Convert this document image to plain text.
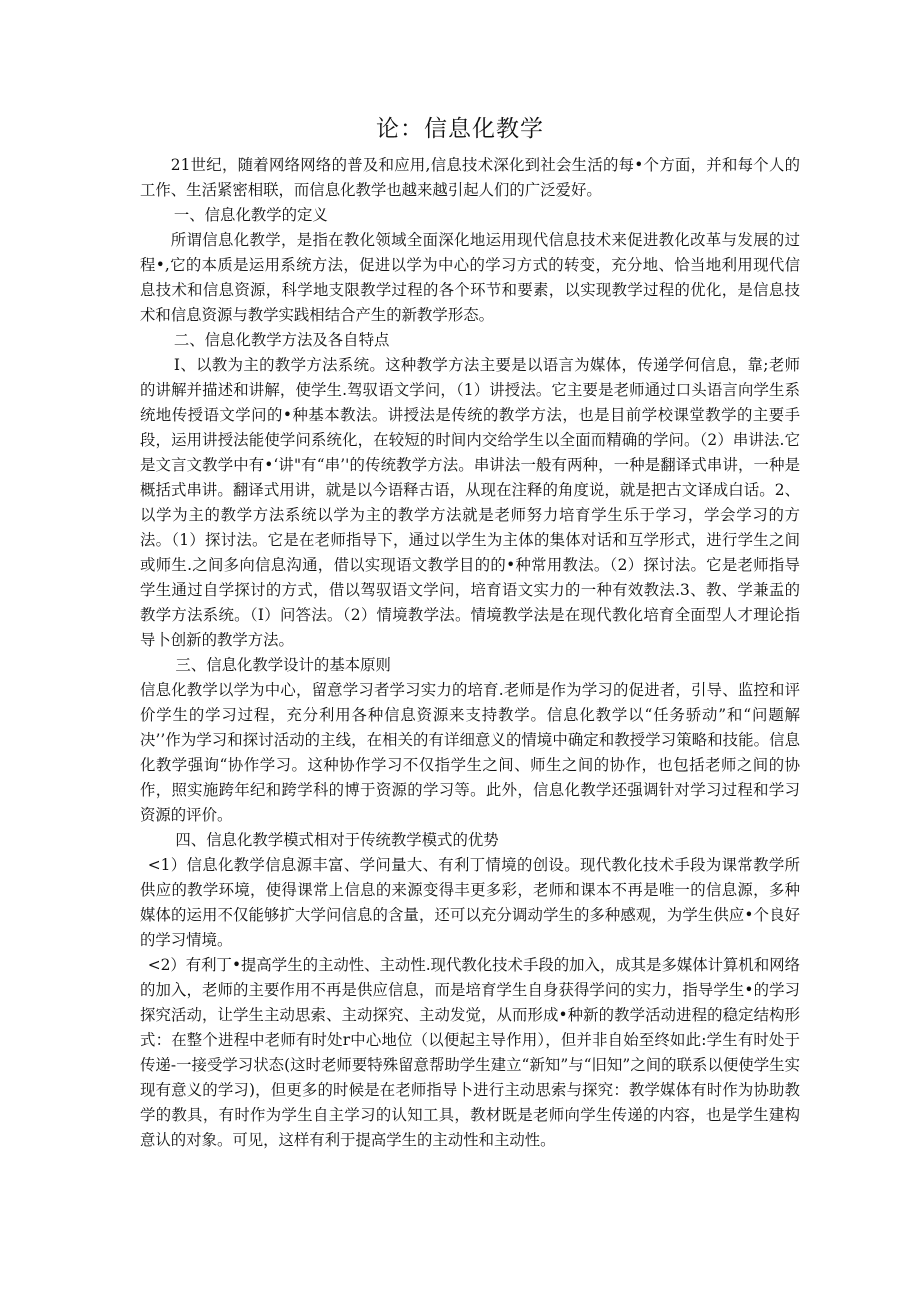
论：信息化教学

21世纪，随着网络网络的普及和应用,信息技术深化到社会生活的每•个方面，并和每个人的工作、生活紧密相联，而信息化教学也越来越引起人们的广泛爱好。

一、信息化教学的定义

所谓信息化教学，是指在教化领域全面深化地运用现代信息技术来促进教化改革与发展的过程•,它的本质是运用系统方法，促进以学为中心的学习方式的转变，充分地、恰当地利用现代信息技术和信息资源，科学地支限教学过程的各个环节和要素，以实现教学过程的优化，是信息技术和信息资源与教学实践相结合产生的新教学形态。

二、信息化教学方法及各自特点

I、以教为主的教学方法系统。这种教学方法主要是以语言为媒体，传递学何信息，靠;老师的讲解并描述和讲解，使学生.驾驭语文学问，（1）讲授法。它主要是老师通过口头语言向学生系统地传授语文学问的•种基本教法。讲授法是传统的教学方法，也是目前学校课堂教学的主要手段，运用讲授法能使学问系统化，在较短的时间内交给学生以全面而精确的学问。（2）串讲法.它是文言文教学中有•‘讲"有“串’'的传统教学方法。串讲法一般有两种，一种是翻译式串讲，一种是概括式串讲。翻译式用讲，就是以今语释古语，从现在注释的角度说，就是把古文译成白话。2、以学为主的教学方法系统以学为主的教学方法就是老师努力培育学生乐于学习，学会学习的方法。（1）探讨法。它是在老师指导下，通过以学生为主体的集体对话和互学形式，进行学生之间或师生.之间多向信息沟通，借以实现语文教学目的的•种常用教法。（2）探讨法。它是老师指导学生通过自学探讨的方式，借以驾驭语文学问，培育语文实力的一种有效教法.3、教、学兼盂的教学方法系统。（I）问答法。（2）情境教学法。情境教学法是在现代教化培育全面型人才理论指导卜创新的教学方法。

三、信息化教学设计的基本原则

信息化教学以学为中心，留意学习者学习实力的培育.老师是作为学习的促进者，引导、监控和评价学生的学习过程，充分利用各种信息资源来支持教学。信息化教学以“任务骄动”和“问题解决’’作为学习和探讨活动的主线，在相关的有详细意义的情境中确定和教授学习策略和技能。信息化教学强询“协作学习。这种协作学习不仅指学生之间、师生之间的协作，也包括老师之间的协作，照实施跨年纪和跨学科的博于资源的学习等。此外，信息化教学还强调针对学习过程和学习资源的评价。

四、信息化教学模式相对于传统教学模式的优势

<1）信息化教学信息源丰富、学问量大、有利丁情境的创设。现代教化技术手段为课常教学所供应的教学环境，使得课常上信息的来源变得丰更多彩，老师和课本不再是唯一的信息源，多种媒体的运用不仅能够扩大学问信息的含量，还可以充分调动学生的多种感观，为学生供应•个良好的学习情境。

<2）有利丁•提高学生的主动性、主动性.现代教化技术手段的加入，成其是多媒体计算机和网络的加入，老师的主要作用不再是供应信息，而是培育学生自身获得学问的实力，指导学生•的学习探究活动，让学生主动思索、主动探究、主动发觉，从而形成•种新的教学活动进程的稳定结构形式：在整个进程中老师有时处r中心地位（以便起主导作用），但并非自始至终如此:学生有时处于传递-一接受学习状态(这时老师要特殊留意帮助学生建立“新知”与“旧知”之间的联系以便使学生实现有意义的学习)，但更多的时候是在老师指导卜进行主动思索与探究：教学媒体有时作为协助教学的教具，有时作为学生自主学习的认知工具，教材既是老师向学生传递的内容，也是学生建构意认的对象。可见，这样有利于提高学生的主动性和主动性。
